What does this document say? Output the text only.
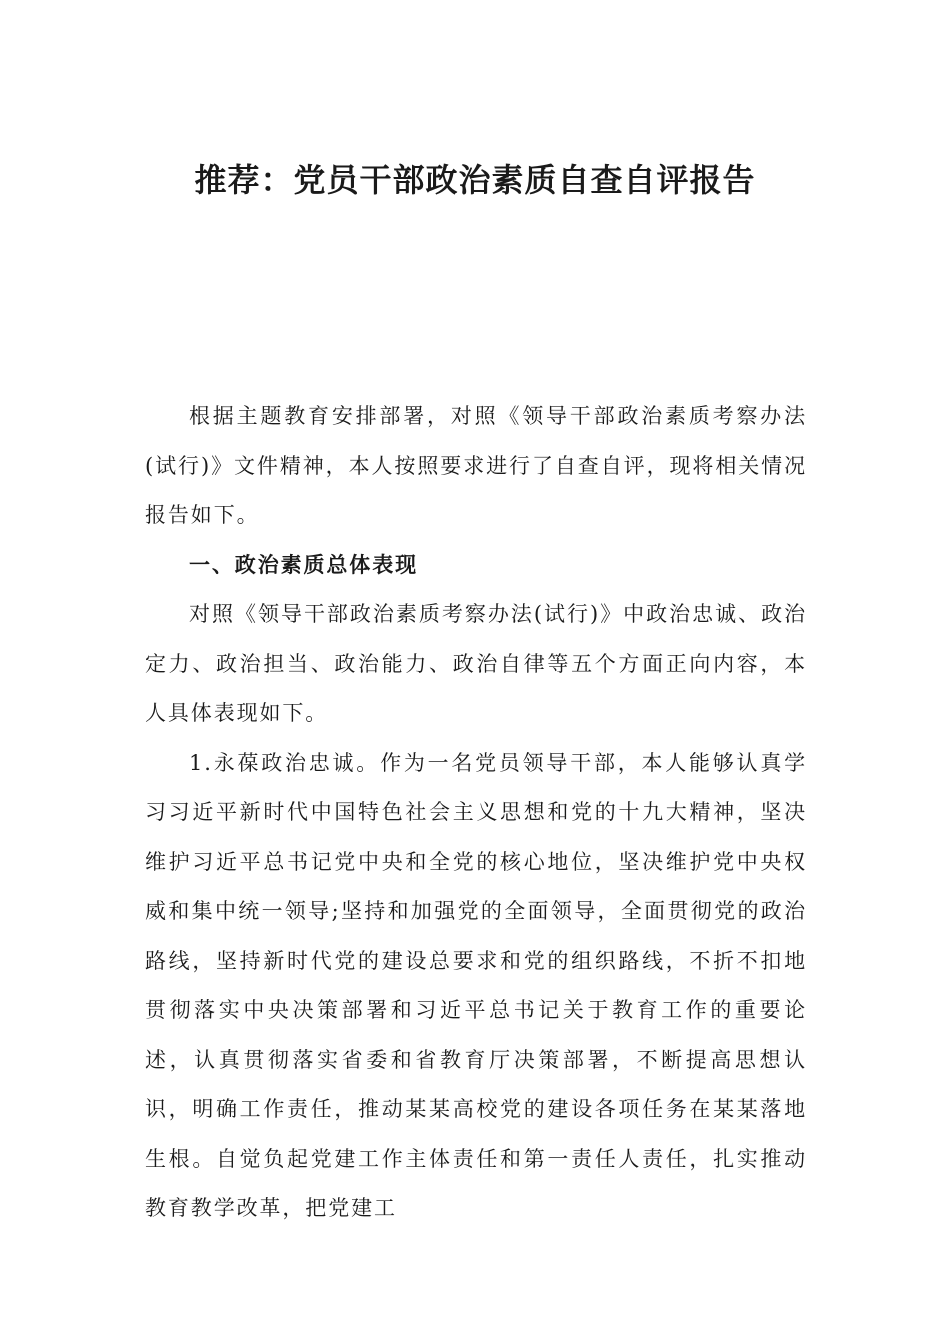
推荐：党员干部政治素质自查自评报告

根据主题教育安排部署，对照《领导干部政治素质考察办法(试行)》文件精神，本人按照要求进行了自查自评，现将相关情况报告如下。

一、政治素质总体表现

对照《领导干部政治素质考察办法(试行)》中政治忠诚、政治定力、政治担当、政治能力、政治自律等五个方面正向内容，本人具体表现如下。

1.永葆政治忠诚。作为一名党员领导干部，本人能够认真学习习近平新时代中国特色社会主义思想和党的十九大精神，坚决维护习近平总书记党中央和全党的核心地位，坚决维护党中央权威和集中统一领导;坚持和加强党的全面领导，全面贯彻党的政治路线，坚持新时代党的建设总要求和党的组织路线，不折不扣地贯彻落实中央决策部署和习近平总书记关于教育工作的重要论述，认真贯彻落实省委和省教育厅决策部署，不断提高思想认识，明确工作责任，推动某某高校党的建设各项任务在某某落地生根。自觉负起党建工作主体责任和第一责任人责任，扎实推动教育教学改革，把党建工
